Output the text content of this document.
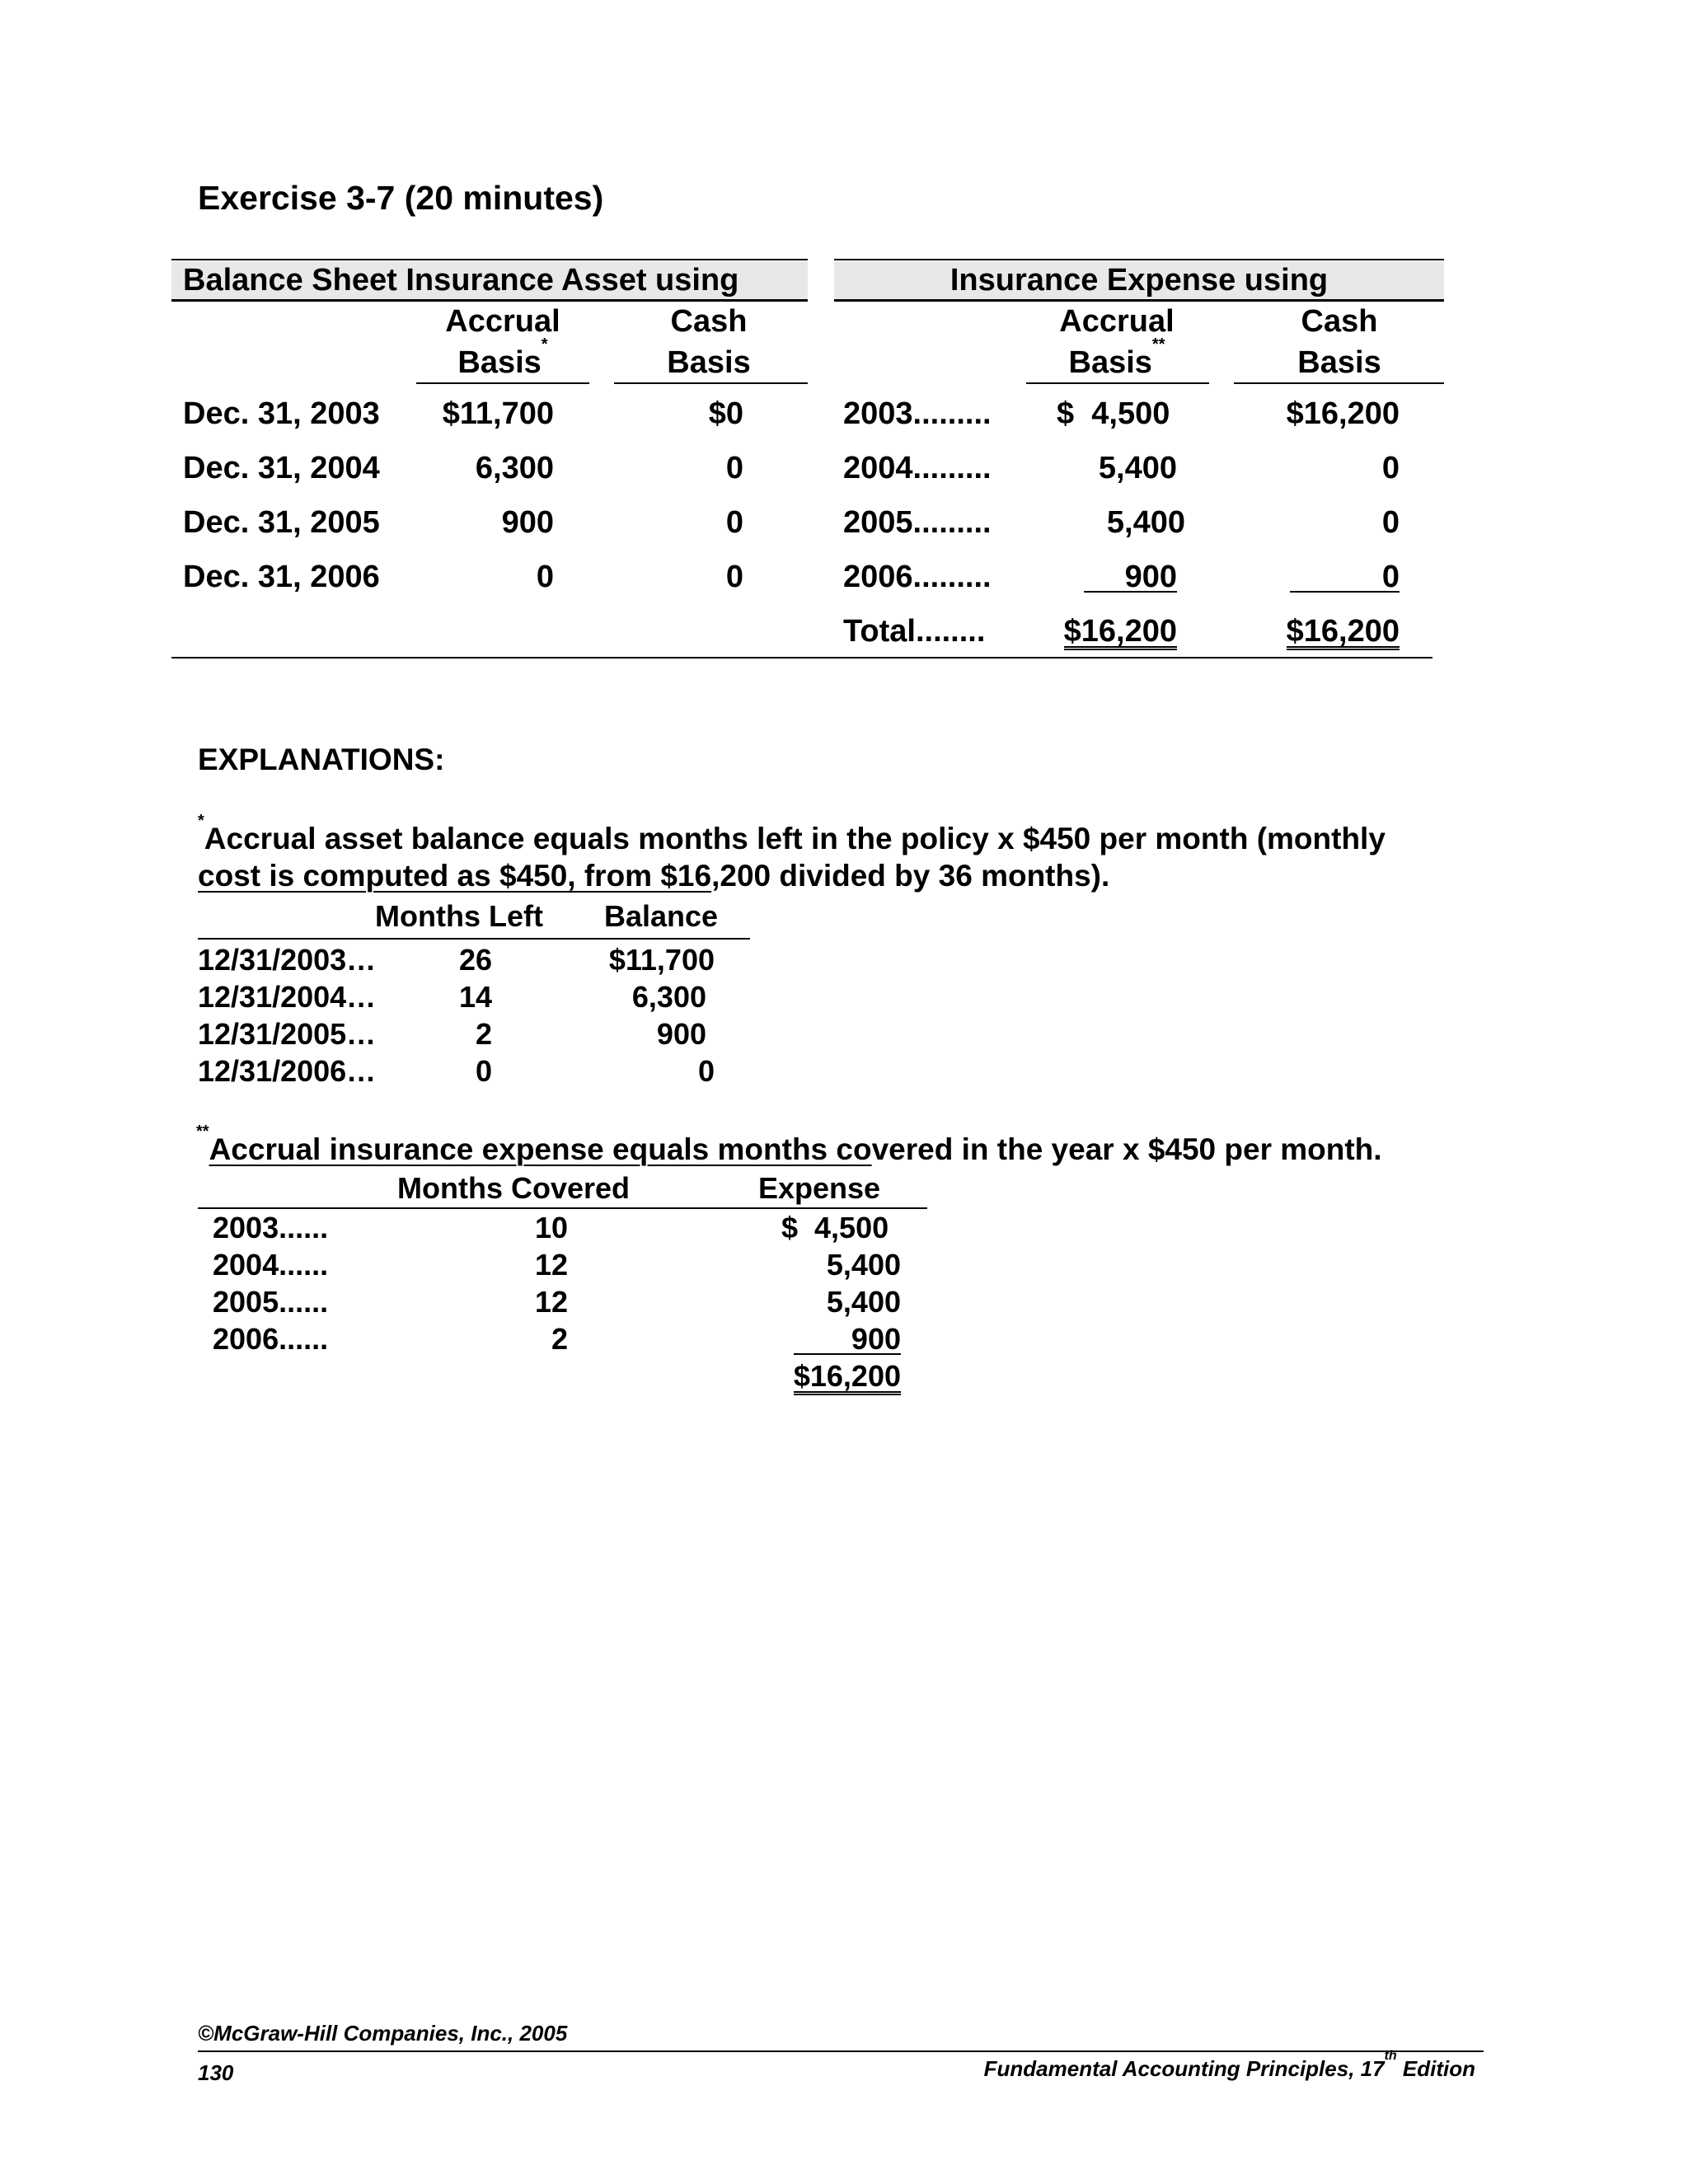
Exercise 3-7 (20 minutes)
Balance Sheet Insurance Asset using
Accrual
Basis*
Cash
Basis
Dec. 31, 2003	$11,700	$0
Dec. 31, 2004	6,300	0
Dec. 31, 2005	900	0
Dec. 31, 2006	0	0
Insurance Expense using
Accrual
Basis**
Cash
Basis
2003......... $  4,500	$16,200
2004.........	5,400	0
2005.........	5,400	0
2006.........	900	0
Total........	$16,200	$16,200
EXPLANATIONS:
*Accrual asset balance equals months left in the policy x $450 per month (monthly
cost is computed as $450, from $16,200 divided by 36 months).
Months Left Balance
12/31/2003…	26	$11,700
12/31/2004…	14	6,300
12/31/2005…	2	900
12/31/2006…	0	0
**Accrual insurance expense equals months covered in the year x $450 per month.
Months Covered	Expense
2003......	10	$  4,500
2004......	12	5,400
2005......	12	5,400
2006......	2	900
$16,200
©McGraw-Hill Companies, Inc., 2005
130	Fundamental Accounting Principles, 17th Edition
